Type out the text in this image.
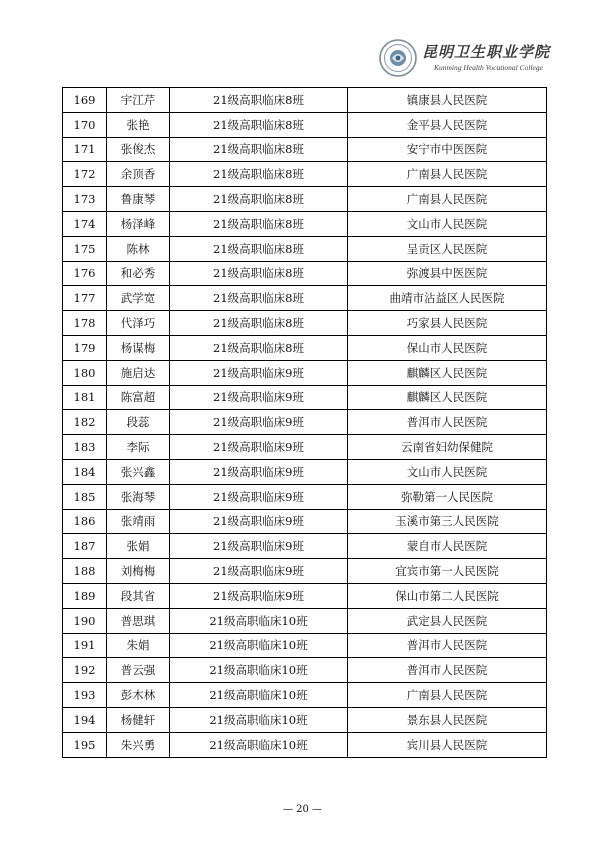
昆明卫生职业学院
Kunming Health Vocational College
169	宇江芹	21级高职临床8班	镇康县人民医院
170	张艳	21级高职临床8班	金平县人民医院
171	张俊杰	21级高职临床8班	安宁市中医医院
172	余顶香	21级高职临床8班	广南县人民医院
173	鲁康琴	21级高职临床8班	广南县人民医院
174	杨泽峰	21级高职临床8班	文山市人民医院
175	陈林	21级高职临床8班	呈贡区人民医院
176	和必秀	21级高职临床8班	弥渡县中医医院
177	武学宽	21级高职临床8班	曲靖市沾益区人民医院
178	代泽巧	21级高职临床8班	巧家县人民医院
179	杨谋梅	21级高职临床8班	保山市人民医院
180	施启达	21级高职临床9班	麒麟区人民医院
181	陈富超	21级高职临床9班	麒麟区人民医院
182	段蕊	21级高职临床9班	普洱市人民医院
183	李际	21级高职临床9班	云南省妇幼保健院
184	张兴鑫	21级高职临床9班	文山市人民医院
185	张海琴	21级高职临床9班	弥勒第一人民医院
186	张靖雨	21级高职临床9班	玉溪市第三人民医院
187	张娟	21级高职临床9班	蒙自市人民医院
188	刘梅梅	21级高职临床9班	宜宾市第一人民医院
189	段其省	21级高职临床9班	保山市第二人民医院
190	普思琪	21级高职临床10班	武定县人民医院
191	朱娟	21级高职临床10班	普洱市人民医院
192	普云强	21级高职临床10班	普洱市人民医院
193	彭木林	21级高职临床10班	广南县人民医院
194	杨健轩	21级高职临床10班	景东县人民医院
195	朱兴勇	21级高职临床10班	宾川县人民医院
— 20 —
